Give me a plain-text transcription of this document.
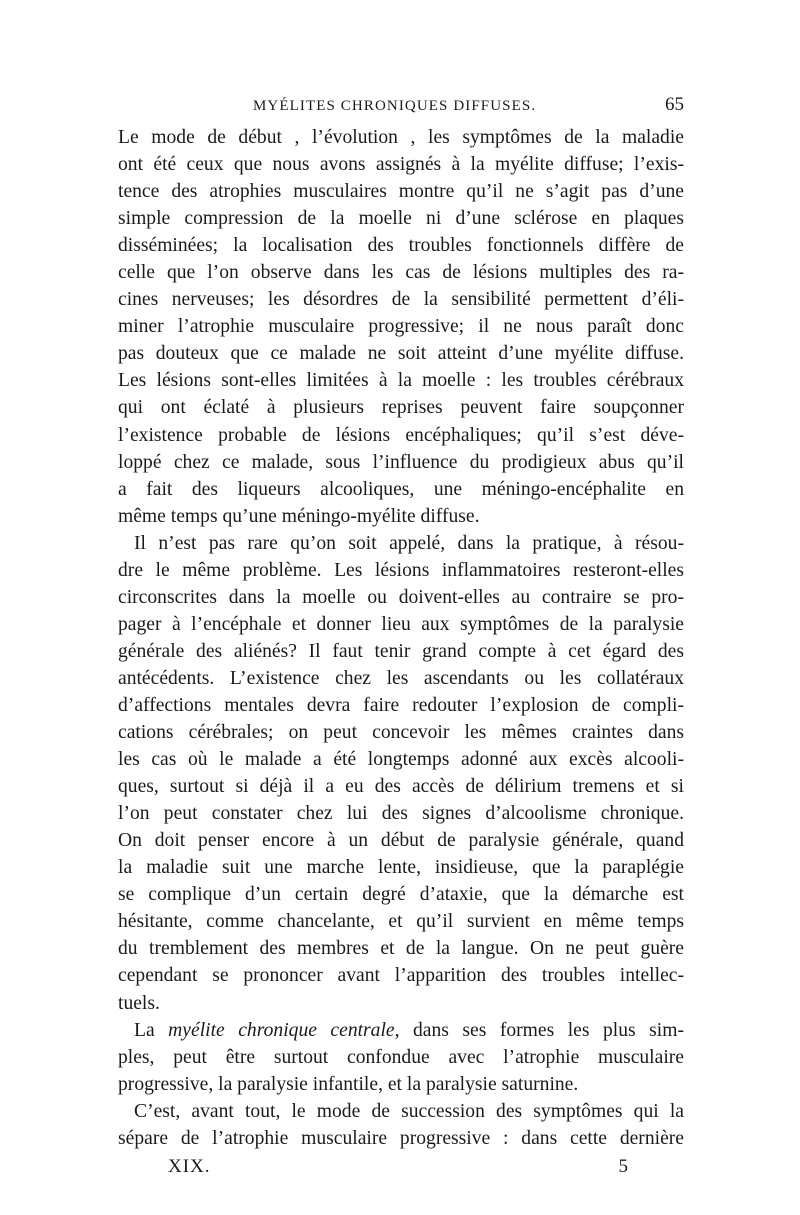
MYÉLITES CHRONIQUES DIFFUSES.	65
Le mode de début , l’évolution , les symptômes de la maladie
ont été ceux que nous avons assignés à la myélite diffuse; l’exis-
tence des atrophies musculaires montre qu’il ne s’agit pas d’une
simple compression de la moelle ni d’une sclérose en plaques
disséminées; la localisation des troubles fonctionnels diffère de
celle que l’on observe dans les cas de lésions multiples des ra-
cines nerveuses; les désordres de la sensibilité permettent d’éli-
miner l’atrophie musculaire progressive; il ne nous paraît donc
pas douteux que ce malade ne soit atteint d’une myélite diffuse.
Les lésions sont-elles limitées à la moelle : les troubles cérébraux
qui ont éclaté à plusieurs reprises peuvent faire soupçonner
l’existence probable de lésions encéphaliques; qu’il s’est déve-
loppé chez ce malade, sous l’influence du prodigieux abus qu’il
a fait des liqueurs alcooliques, une méningo-encéphalite en
même temps qu’une méningo-myélite diffuse.
Il n’est pas rare qu’on soit appelé, dans la pratique, à résou-
dre le même problème. Les lésions inflammatoires resteront-elles
circonscrites dans la moelle ou doivent-elles au contraire se pro-
pager à l’encéphale et donner lieu aux symptômes de la paralysie
générale des aliénés? Il faut tenir grand compte à cet égard des
antécédents. L’existence chez les ascendants ou les collatéraux
d’affections mentales devra faire redouter l’explosion de compli-
cations cérébrales; on peut concevoir les mêmes craintes dans
les cas où le malade a été longtemps adonné aux excès alcooli-
ques, surtout si déjà il a eu des accès de délirium tremens et si
l’on peut constater chez lui des signes d’alcoolisme chronique.
On doit penser encore à un début de paralysie générale, quand
la maladie suit une marche lente, insidieuse, que la paraplégie
se complique d’un certain degré d’ataxie, que la démarche est
hésitante, comme chancelante, et qu’il survient en même temps
du tremblement des membres et de la langue. On ne peut guère
cependant se prononcer avant l’apparition des troubles intellec-
tuels.
La myélite chronique centrale, dans ses formes les plus sim-
ples, peut être surtout confondue avec l’atrophie musculaire
progressive, la paralysie infantile, et la paralysie saturnine.
C’est, avant tout, le mode de succession des symptômes qui la
sépare de l’atrophie musculaire progressive : dans cette dernière
XIX.	5
